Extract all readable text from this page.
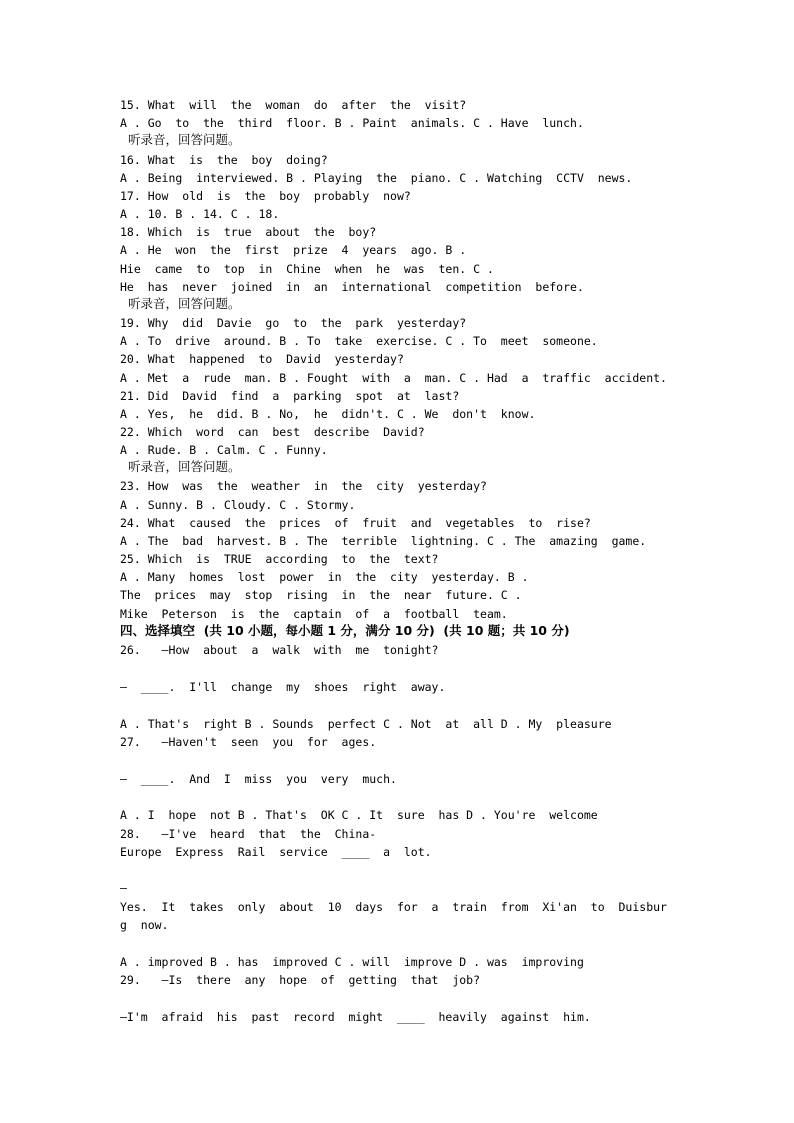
15. What  will  the  woman  do  after  the  visit?
A . Go  to  the  third  floor. B . Paint  animals. C . Have  lunch.
听录音，回答问题。
16. What  is  the  boy  doing?
A . Being  interviewed. B . Playing  the  piano. C . Watching  CCTV  news.
17. How  old  is  the  boy  probably  now?
A . 10. B . 14. C . 18.
18. Which  is  true  about  the  boy?
A . He  won  the  first  prize  4  years  ago. B .
Hie  came  to  top  in  Chine  when  he  was  ten. C .
He  has  never  joined  in  an  international  competition  before.
听录音，回答问题。
19. Why  did  Davie  go  to  the  park  yesterday?
A . To  drive  around. B . To  take  exercise. C . To  meet  someone.
20. What  happened  to  David  yesterday?
A . Met  a  rude  man. B . Fought  with  a  man. C . Had  a  traffic  accident.
21. Did  David  find  a  parking  spot  at  last?
A . Yes,  he  did. B . No,  he  didn't. C . We  don't  know.
22. Which  word  can  best  describe  David?
A . Rude. B . Calm. C . Funny.
听录音，回答问题。
23. How  was  the  weather  in  the  city  yesterday?
A . Sunny. B . Cloudy. C . Stormy.
24. What  caused  the  prices  of  fruit  and  vegetables  to  rise?
A . The  bad  harvest. B . The  terrible  lightning. C . The  amazing  game.
25. Which  is  TRUE  according  to  the  text?
A . Many  homes  lost  power  in  the  city  yesterday. B .
The  prices  may  stop  rising  in  the  near  future. C .
Mike  Peterson  is  the  captain  of  a  football  team.
四、选择填空  (共 10 小题，每小题 1 分，满分 10 分)  (共 10 题；共 10 分)
26.   —How  about  a  walk  with  me  tonight?
—  ____.  I'll  change  my  shoes  right  away.
A . That's  right B . Sounds  perfect C . Not  at  all D . My  pleasure
27.   —Haven't  seen  you  for  ages.
—  ____.  And  I  miss  you  very  much.
A . I  hope  not B . That's  OK C . It  sure  has D . You're  welcome
28.   —I've  heard  that  the  China-
Europe  Express  Rail  service  ____  a  lot.
—
Yes.  It  takes  only  about  10  days  for  a  train  from  Xi'an  to  Duisbur
g  now.
A . improved B . has  improved C . will  improve D . was  improving
29.   —Is  there  any  hope  of  getting  that  job?
—I'm  afraid  his  past  record  might  ____  heavily  against  him.
